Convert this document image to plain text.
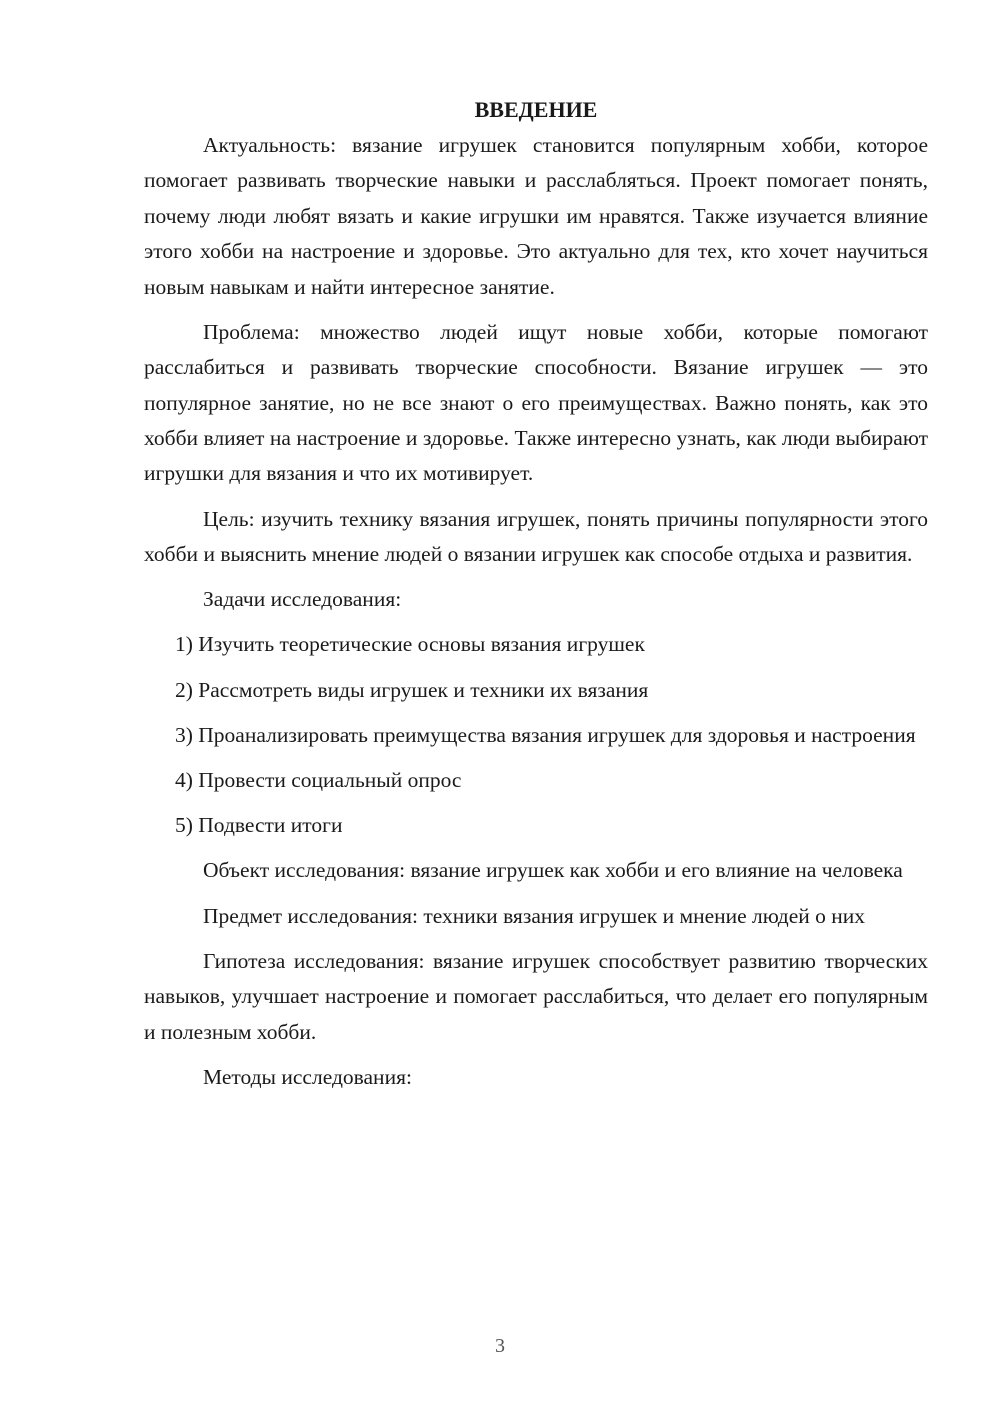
ВВЕДЕНИЕ

Актуальность: вязание игрушек становится популярным хобби, которое помогает развивать творческие навыки и расслабляться. Проект помогает понять, почему люди любят вязать и какие игрушки им нравятся. Также изучается влияние этого хобби на настроение и здоровье. Это актуально для тех, кто хочет научиться новым навыкам и найти интересное занятие.

Проблема: множество людей ищут новые хобби, которые помогают расслабиться и развивать творческие способности. Вязание игрушек — это популярное занятие, но не все знают о его преимуществах. Важно понять, как это хобби влияет на настроение и здоровье. Также интересно узнать, как люди выбирают игрушки для вязания и что их мотивирует.

Цель: изучить технику вязания игрушек, понять причины популярности этого хобби и выяснить мнение людей о вязании игрушек как способе отдыха и развития.

Задачи исследования:

1) Изучить теоретические основы вязания игрушек

2) Рассмотреть виды игрушек и техники их вязания

3) Проанализировать преимущества вязания игрушек для здоровья и настроения

4) Провести социальный опрос

5) Подвести итоги

Объект исследования: вязание игрушек как хобби и его влияние на человека

Предмет исследования: техники вязания игрушек и мнение людей о них

Гипотеза исследования: вязание игрушек способствует развитию творческих навыков, улучшает настроение и помогает расслабиться, что делает его популярным и полезным хобби.

Методы исследования:

3
